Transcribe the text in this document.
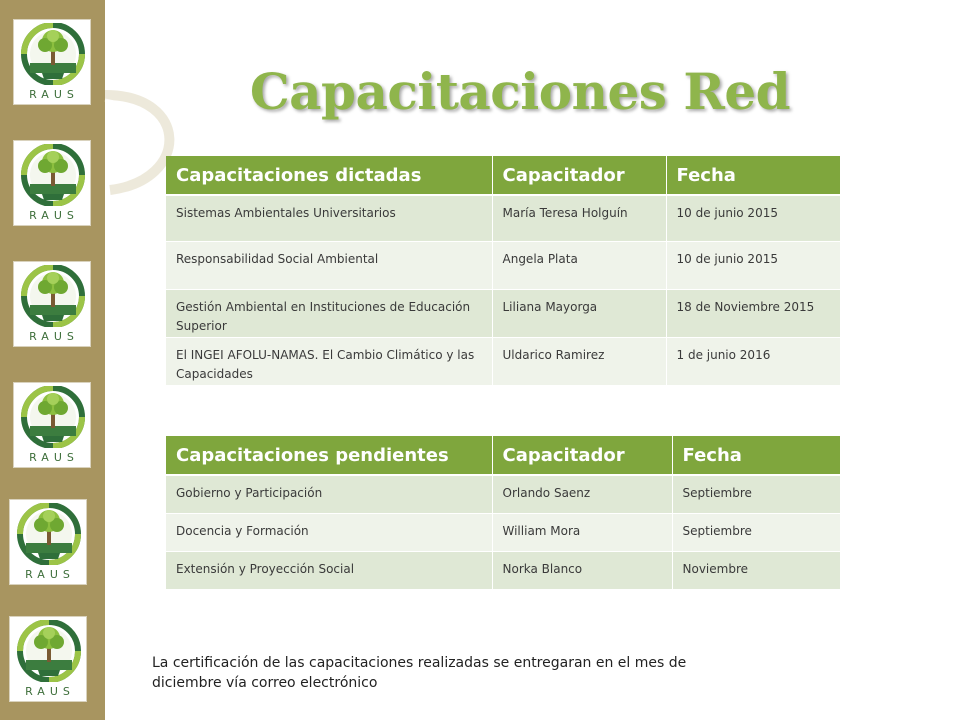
RAUS
RAUS
RAUS
RAUS
RAUS
RAUS
Capacitaciones Red
Capacitaciones dictadas	Capacitador	Fecha
Sistemas Ambientales Universitarios	María Teresa Holguín	10 de junio 2015
Responsabilidad Social Ambiental	Angela Plata	10 de junio 2015
Gestión Ambiental en Instituciones de Educación Superior	Liliana Mayorga	18 de Noviembre 2015
El INGEI AFOLU-NAMAS. El Cambio Climático y las Capacidades	Uldarico Ramirez	1 de junio 2016
Capacitaciones pendientes	Capacitador	Fecha
Gobierno y Participación	Orlando Saenz	Septiembre
Docencia y Formación	William Mora	Septiembre
Extensión y Proyección Social	Norka Blanco	Noviembre
La certificación de las capacitaciones realizadas se entregaran en el mes de diciembre vía correo electrónico
